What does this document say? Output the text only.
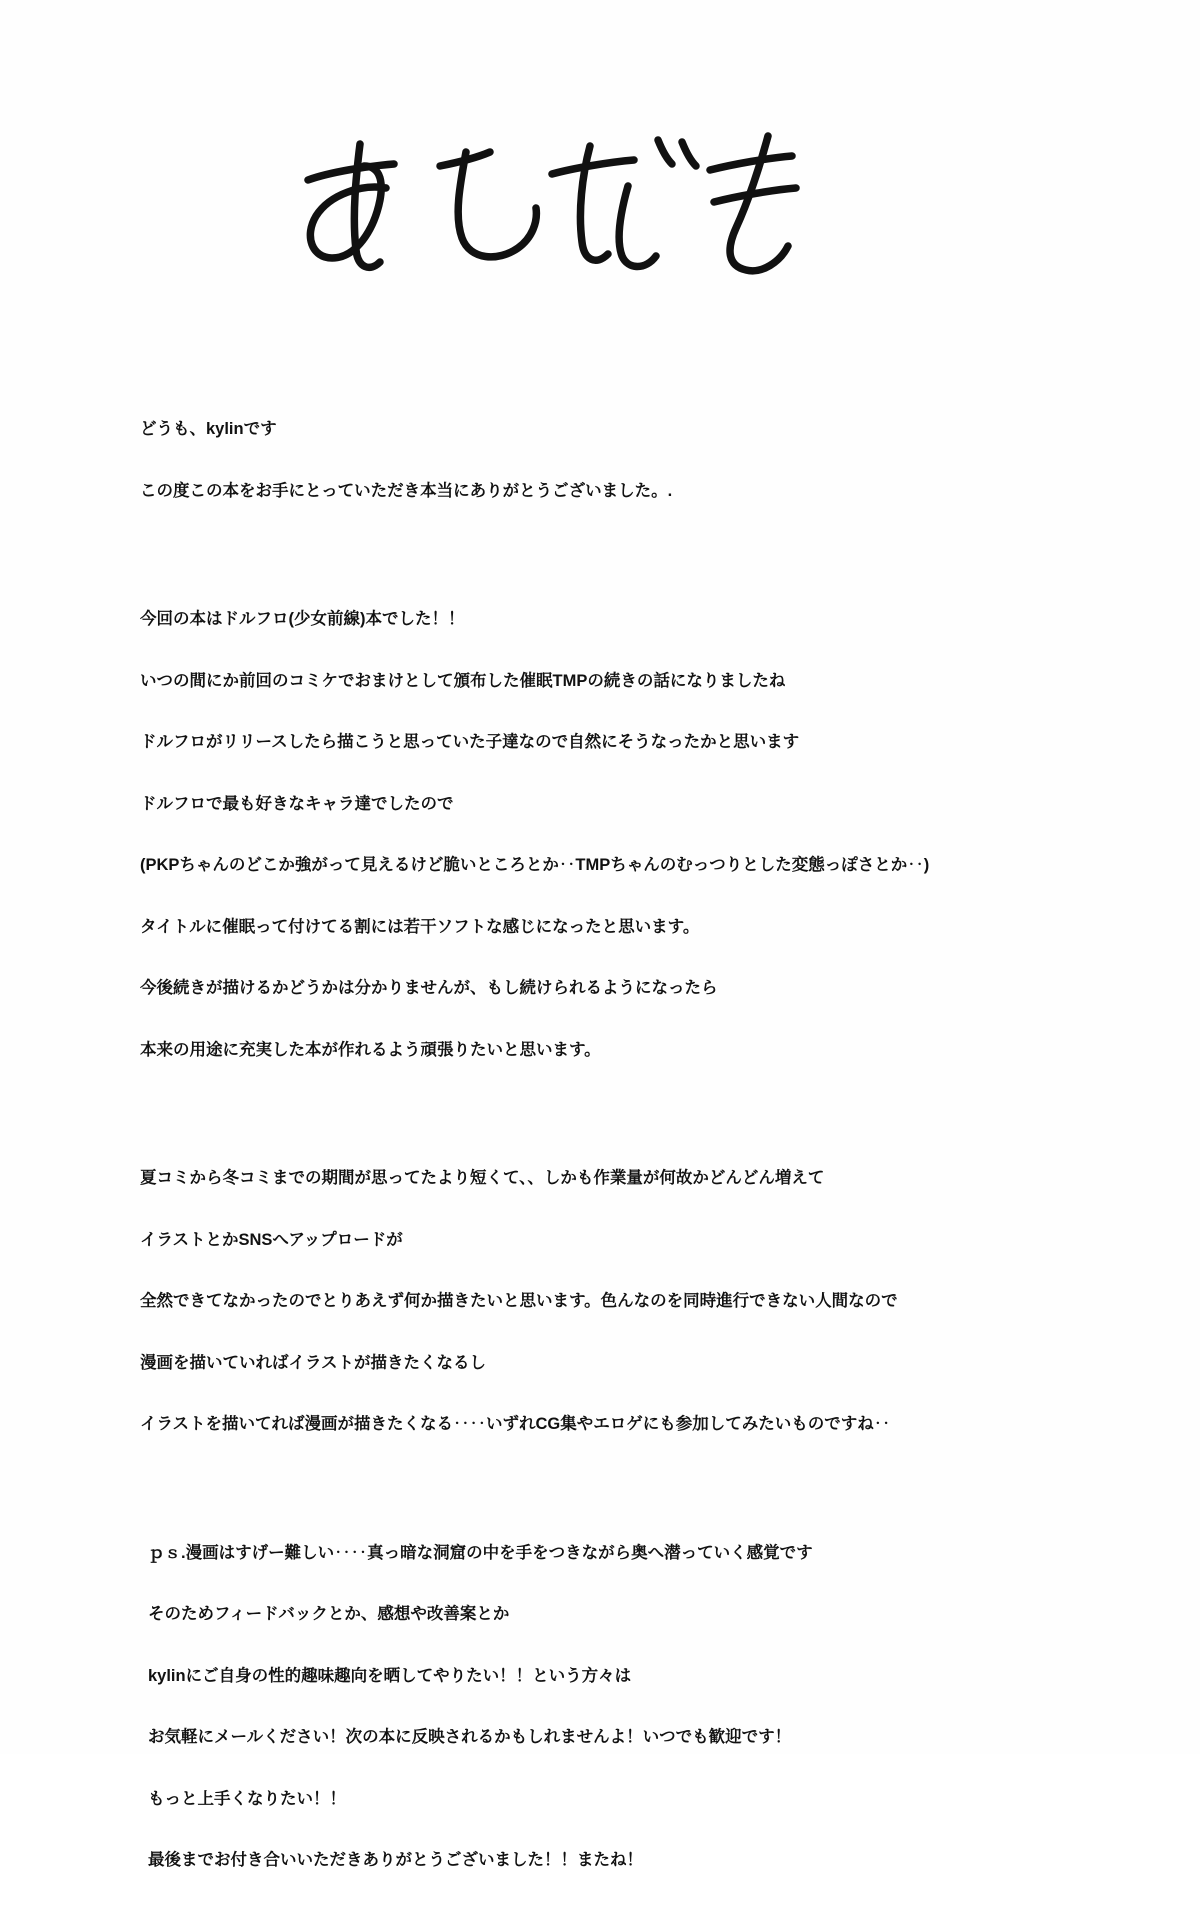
どうも、kylinです

この度この本をお手にとっていただき本当にありがとうございました。.

今回の本はドルフロ(少女前線)本でした！！

いつの間にか前回のコミケでおまけとして頒布した催眠TMPの続きの話になりましたね

ドルフロがリリースしたら描こうと思っていた子達なので自然にそうなったかと思います

ドルフロで最も好きなキャラ達でしたので

(PKPちゃんのどこか強がって見えるけど脆いところとか‥TMPちゃんのむっつりとした変態っぽさとか‥)

タイトルに催眠って付けてる割には若干ソフトな感じになったと思います。

今後続きが描けるかどうかは分かりませんが、もし続けられるようになったら

本来の用途に充実した本が作れるよう頑張りたいと思います。

夏コミから冬コミまでの期間が思ってたより短くて、、しかも作業量が何故かどんどん増えて

イラストとかSNSへアップロードが

全然できてなかったのでとりあえず何か描きたいと思います。色んなのを同時進行できない人間なので

漫画を描いていればイラストが描きたくなるし

イラストを描いてれば漫画が描きたくなる‥‥いずれCG集やエロゲにも参加してみたいものですね‥

ｐｓ.漫画はすげー難しい‥‥真っ暗な洞窟の中を手をつきながら奥へ潜っていく感覚です

そのためフィードバックとか、感想や改善案とか

kylinにご自身の性的趣味趣向を晒してやりたい！！という方々は

お気軽にメールください！次の本に反映されるかもしれませんよ！いつでも歓迎です！

もっと上手くなりたい！！

最後までお付き合いいただきありがとうございました！！またね！
